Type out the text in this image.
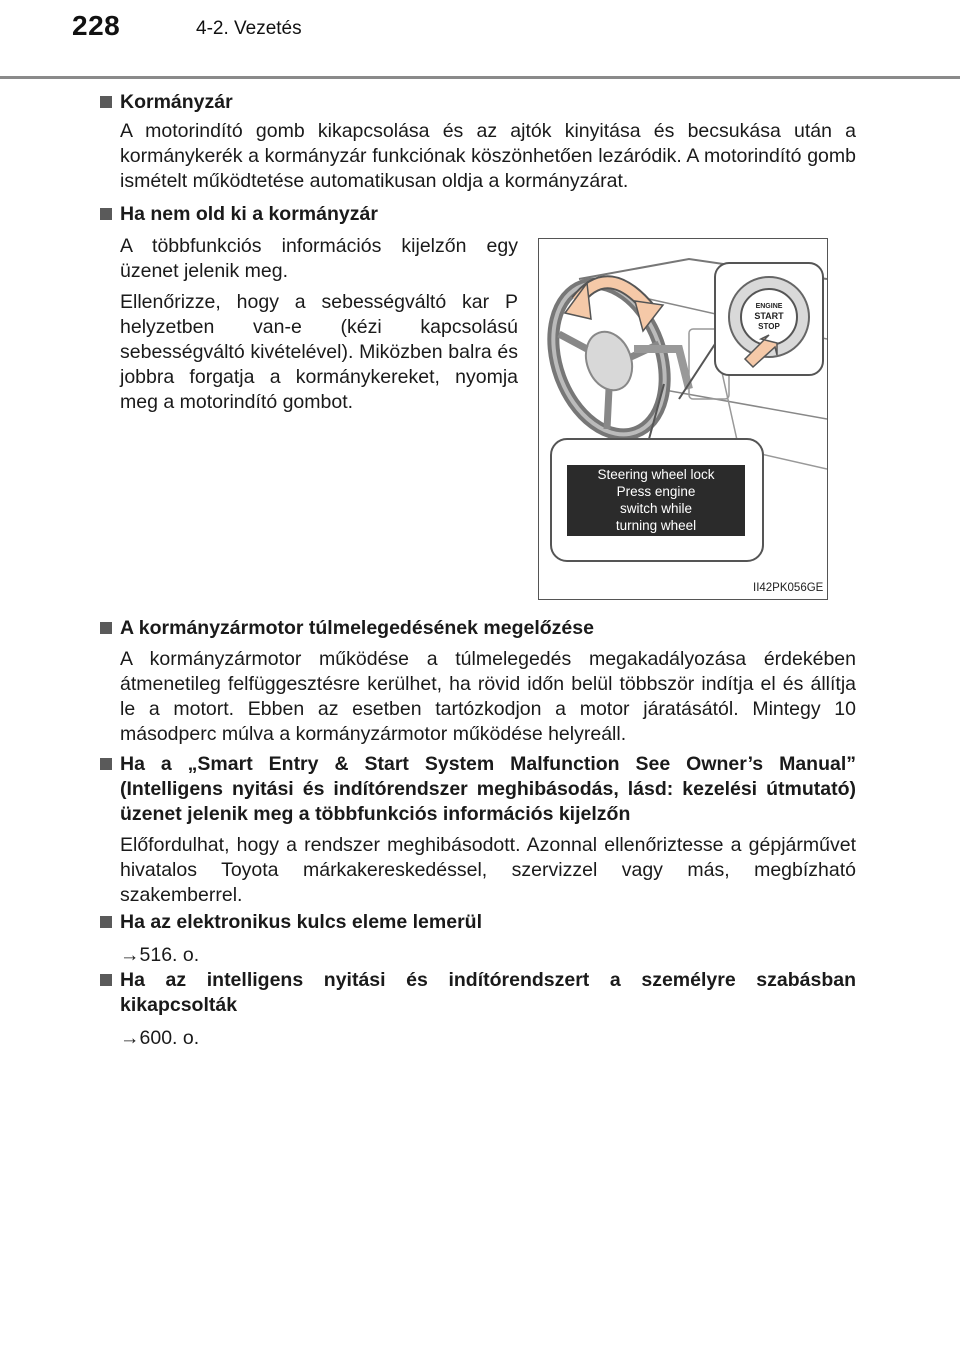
228	4-2. Vezetés
Kormányzár
A motorindító gomb kikapcsolása és az ajtók kinyitása és becsukása után a kormánykerék a kormányzár funkciónak köszönhetően lezáródik. A motorindító gomb ismételt működtetése automatikusan oldja a kormányzárat.
Ha nem old ki a kormányzár
A többfunkciós információs kijelzőn egy üzenet jelenik meg.
Ellenőrizze, hogy a sebességváltó kar P helyzetben van-e (kézi kapcsolású sebességváltó kivételével). Miközben balra és jobbra forgatja a kormánykereket, nyomja meg a motorindító gombot.
ENGINE
START
STOP
Steering wheel lock
Press engine
switch while
turning wheel
II42PK056GE
A kormányzármotor túlmelegedésének megelőzése
A kormányzármotor működése a túlmelegedés megakadályozása érdekében átmenetileg felfüggesztésre kerülhet, ha rövid időn belül többször indítja el és állítja le a motort. Ebben az esetben tartózkodjon a motor járatásától. Mintegy 10 másodperc múlva a kormányzármotor működése helyreáll.
Ha a „Smart Entry & Start System Malfunction See Owner’s Manual” (Intelligens nyitási és indítórendszer meghibásodás, lásd: kezelési útmutató) üzenet jelenik meg a többfunkciós információs kijelzőn
Előfordulhat, hogy a rendszer meghibásodott. Azonnal ellenőriztesse a gépjárművet hivatalos Toyota márkakereskedéssel, szervizzel vagy más, megbízható szakemberrel.
Ha az elektronikus kulcs eleme lemerül
→516. o.
Ha az intelligens nyitási és indítórendszert a személyre szabásban kikapcsolták
→600. o.
